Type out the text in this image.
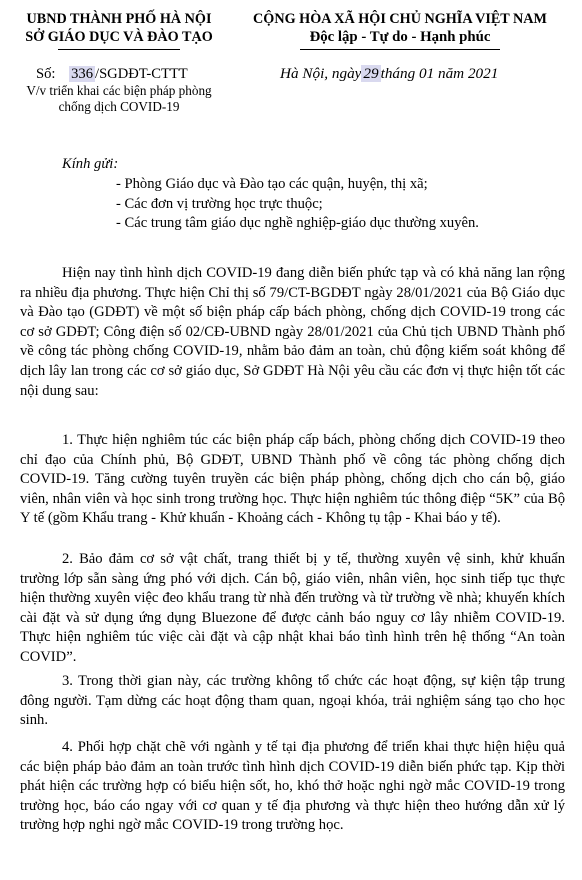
UBND THÀNH PHỐ HÀ NỘI
SỞ GIÁO DỤC VÀ ĐÀO TẠO
CỘNG HÒA XÃ HỘI CHỦ NGHĨA VIỆT NAM
Độc lập - Tự do - Hạnh phúc
Số: 336 /SGDĐT-CTTT
V/v triển khai các biện pháp phòng
chống dịch COVID-19
Hà Nội, ngày 29 tháng 01 năm 2021
Kính gửi:
- Phòng Giáo dục và Đào tạo các quận, huyện, thị xã;
- Các đơn vị trường học trực thuộc;
- Các trung tâm giáo dục nghề nghiệp-giáo dục thường xuyên.
Hiện nay tình hình dịch COVID-19 đang diễn biến phức tạp và có khả năng lan rộng ra nhiều địa phương. Thực hiện Chỉ thị số 79/CT-BGDĐT ngày 28/01/2021 của Bộ Giáo dục và Đào tạo (GDĐT) về một số biện pháp cấp bách phòng, chống dịch COVID-19 trong các cơ sở GDĐT; Công điện số 02/CĐ-UBND ngày 28/01/2021 của Chủ tịch UBND Thành phố về công tác phòng chống COVID-19, nhằm bảo đảm an toàn, chủ động kiểm soát không để dịch lây lan trong các cơ sở giáo dục, Sở GDĐT Hà Nội yêu cầu các đơn vị thực hiện tốt các nội dung sau:
1. Thực hiện nghiêm túc các biện pháp cấp bách, phòng chống dịch COVID-19 theo chỉ đạo của Chính phủ, Bộ GDĐT, UBND Thành phố về công tác phòng chống dịch COVID-19. Tăng cường tuyên truyền các biện pháp phòng, chống dịch cho cán bộ, giáo viên, nhân viên và học sinh trong trường học. Thực hiện nghiêm túc thông điệp “5K” của Bộ Y tế (gồm Khẩu trang - Khử khuẩn - Khoảng cách - Không tụ tập - Khai báo y tế).
2. Bảo đảm cơ sở vật chất, trang thiết bị y tế, thường xuyên vệ sinh, khử khuẩn trường lớp sẵn sàng ứng phó với dịch. Cán bộ, giáo viên, nhân viên, học sinh tiếp tục thực hiện thường xuyên việc đeo khẩu trang từ nhà đến trường và từ trường về nhà; khuyến khích cài đặt và sử dụng ứng dụng Bluezone để được cảnh báo nguy cơ lây nhiễm COVID-19. Thực hiện nghiêm túc việc cài đặt và cập nhật khai báo tình hình trên hệ thống “An toàn COVID”.
3. Trong thời gian này, các trường không tổ chức các hoạt động, sự kiện tập trung đông người. Tạm dừng các hoạt động tham quan, ngoại khóa, trải nghiệm sáng tạo cho học sinh.
4. Phối hợp chặt chẽ với ngành y tế tại địa phương để triển khai thực hiện hiệu quả các biện pháp bảo đảm an toàn trước tình hình dịch COVID-19 diễn biến phức tạp. Kịp thời phát hiện các trường hợp có biểu hiện sốt, ho, khó thở hoặc nghi ngờ mắc COVID-19 trong trường học, báo cáo ngay với cơ quan y tế địa phương và thực hiện theo hướng dẫn xử lý trường hợp nghi ngờ mắc COVID-19 trong trường học.
